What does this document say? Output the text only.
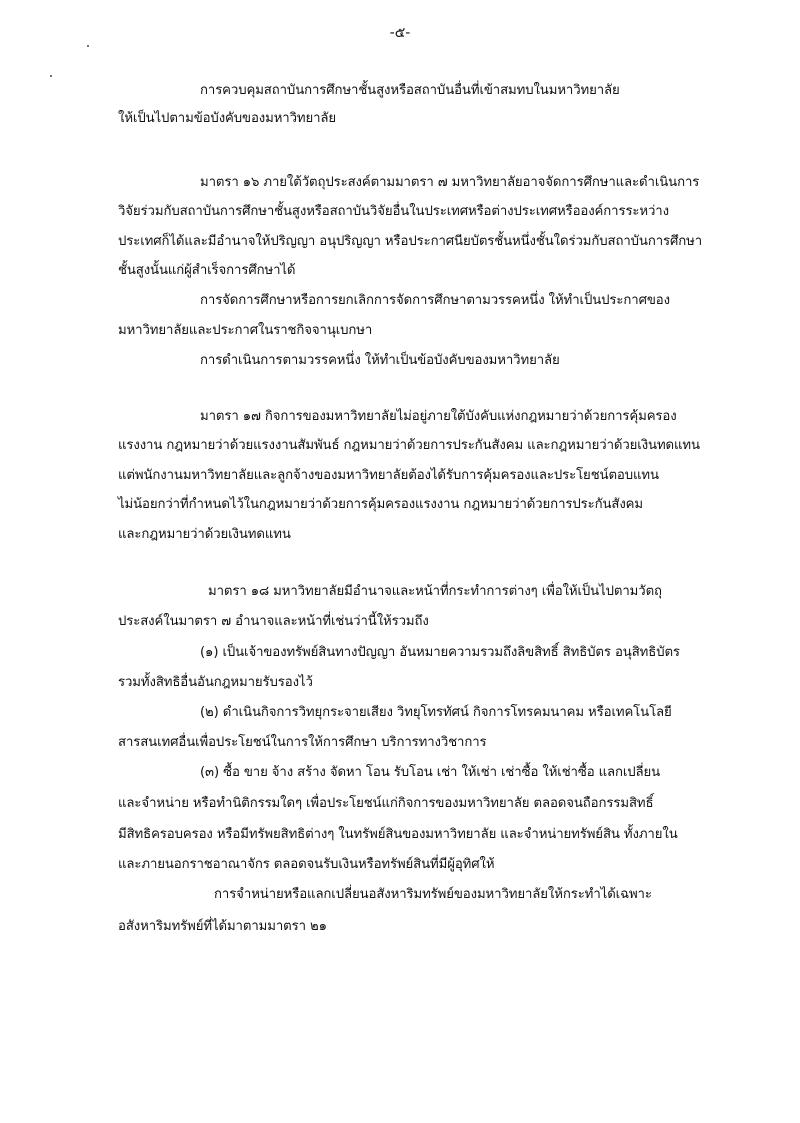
-๕-
การควบคุมสถาบันการศึกษาชั้นสูงหรือสถาบันอื่นที่เข้าสมทบในมหาวิทยาลัย
ให้เป็นไปตามข้อบังคับของมหาวิทยาลัย
มาตรา ๑๖ ภายใต้วัตถุประสงค์ตามมาตรา ๗ มหาวิทยาลัยอาจจัดการศึกษาและดำเนินการ
วิจัยร่วมกับสถาบันการศึกษาชั้นสูงหรือสถาบันวิจัยอื่นในประเทศหรือต่างประเทศหรือองค์การระหว่าง
ประเทศก็ได้และมีอำนาจให้ปริญญา อนุปริญญา หรือประกาศนียบัตรชั้นหนึ่งชั้นใดร่วมกับสถาบันการศึกษา
ชั้นสูงนั้นแก่ผู้สำเร็จการศึกษาได้
การจัดการศึกษาหรือการยกเลิกการจัดการศึกษาตามวรรคหนึ่ง ให้ทำเป็นประกาศของ
มหาวิทยาลัยและประกาศในราชกิจจานุเบกษา
การดำเนินการตามวรรคหนึ่ง ให้ทำเป็นข้อบังคับของมหาวิทยาลัย
มาตรา ๑๗ กิจการของมหาวิทยาลัยไม่อยู่ภายใต้บังคับแห่งกฎหมายว่าด้วยการคุ้มครอง
แรงงาน กฎหมายว่าด้วยแรงงานสัมพันธ์ กฎหมายว่าด้วยการประกันสังคม และกฎหมายว่าด้วยเงินทดแทน
แต่พนักงานมหาวิทยาลัยและลูกจ้างของมหาวิทยาลัยต้องได้รับการคุ้มครองและประโยชน์ตอบแทน
ไม่น้อยกว่าที่กำหนดไว้ในกฎหมายว่าด้วยการคุ้มครองแรงงาน กฎหมายว่าด้วยการประกันสังคม
และกฎหมายว่าด้วยเงินทดแทน
มาตรา ๑๘ มหาวิทยาลัยมีอำนาจและหน้าที่กระทำการต่างๆ เพื่อให้เป็นไปตามวัตถุ
ประสงค์ในมาตรา ๗ อำนาจและหน้าที่เช่นว่านี้ให้รวมถึง
(๑) เป็นเจ้าของทรัพย์สินทางปัญญา อันหมายความรวมถึงลิขสิทธิ์ สิทธิบัตร อนุสิทธิบัตร
รวมทั้งสิทธิอื่นอันกฎหมายรับรองไว้
(๒) ดำเนินกิจการวิทยุกระจายเสียง วิทยุโทรทัศน์ กิจการโทรคมนาคม หรือเทคโนโลยี
สารสนเทศอื่นเพื่อประโยชน์ในการให้การศึกษา บริการทางวิชาการ
(๓) ซื้อ ขาย จ้าง สร้าง จัดหา โอน รับโอน เช่า ให้เช่า เช่าซื้อ ให้เช่าซื้อ แลกเปลี่ยน
และจำหน่าย หรือทำนิติกรรมใดๆ เพื่อประโยชน์แก่กิจการของมหาวิทยาลัย ตลอดจนถือกรรมสิทธิ์
มีสิทธิครอบครอง หรือมีทรัพยสิทธิต่างๆ ในทรัพย์สินของมหาวิทยาลัย และจำหน่ายทรัพย์สิน ทั้งภายใน
และภายนอกราชอาณาจักร ตลอดจนรับเงินหรือทรัพย์สินที่มีผู้อุทิศให้
การจำหน่ายหรือแลกเปลี่ยนอสังหาริมทรัพย์ของมหาวิทยาลัยให้กระทำได้เฉพาะ
อสังหาริมทรัพย์ที่ได้มาตามมาตรา ๒๑
